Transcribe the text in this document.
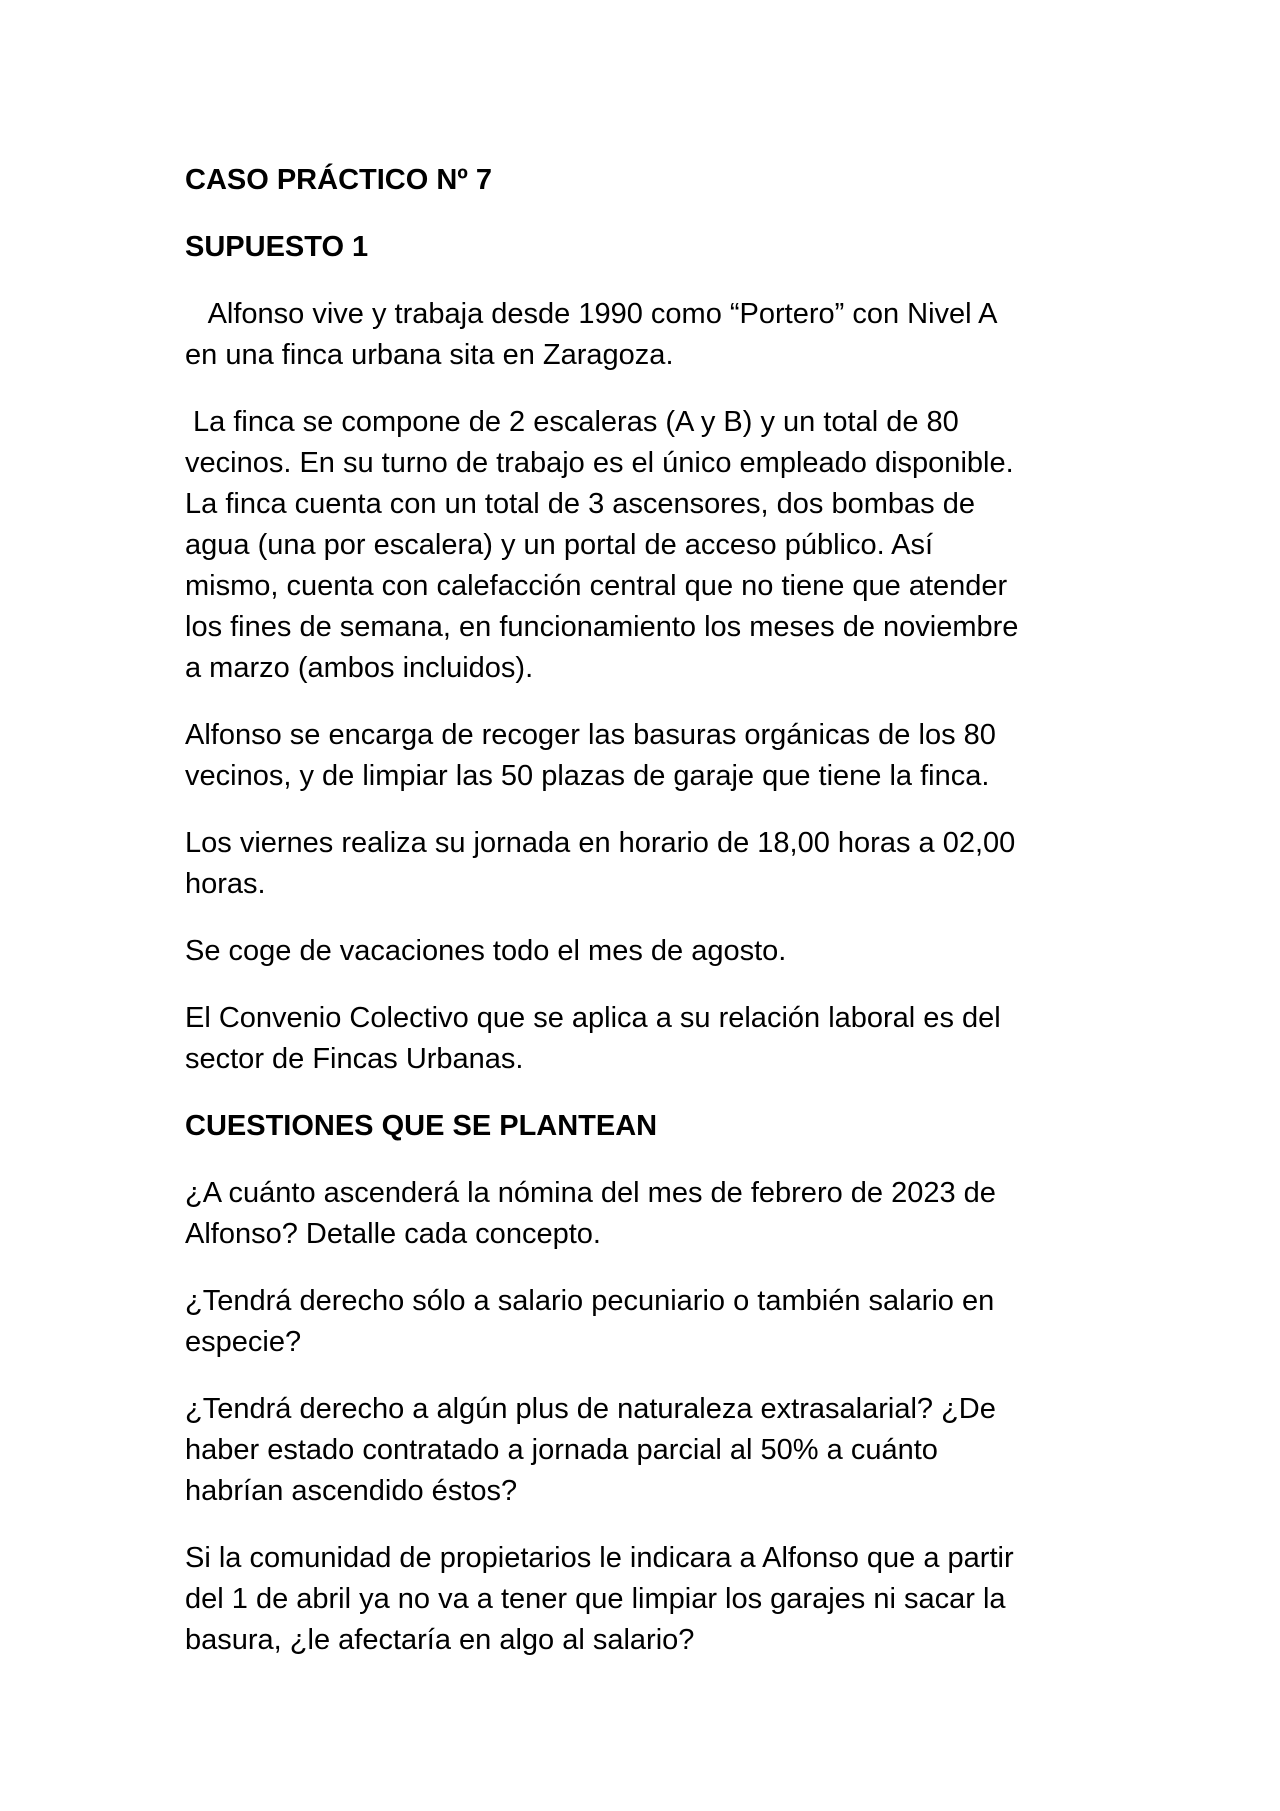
CASO PRÁCTICO Nº 7
SUPUESTO 1
Alfonso vive y trabaja desde 1990 como “Portero” con Nivel A
en una finca urbana sita en Zaragoza.
La finca se compone de 2 escaleras (A y B) y un total de 80
vecinos. En su turno de trabajo es el único empleado disponible.
La finca cuenta con un total de 3 ascensores, dos bombas de
agua (una por escalera) y un portal de acceso público. Así
mismo, cuenta con calefacción central que no tiene que atender
los fines de semana, en funcionamiento los meses de noviembre
a marzo (ambos incluidos).
Alfonso se encarga de recoger las basuras orgánicas de los 80
vecinos, y de limpiar las 50 plazas de garaje que tiene la finca.
Los viernes realiza su jornada en horario de 18,00 horas a 02,00
horas.
Se coge de vacaciones todo el mes de agosto.
El Convenio Colectivo que se aplica a su relación laboral es del
sector de Fincas Urbanas.
CUESTIONES QUE SE PLANTEAN
¿A cuánto ascenderá la nómina del mes de febrero de 2023 de
Alfonso? Detalle cada concepto.
¿Tendrá derecho sólo a salario pecuniario o también salario en
especie?
¿Tendrá derecho a algún plus de naturaleza extrasalarial? ¿De
haber estado contratado a jornada parcial al 50% a cuánto
habrían ascendido éstos?
Si la comunidad de propietarios le indicara a Alfonso que a partir
del 1 de abril ya no va a tener que limpiar los garajes ni sacar la
basura, ¿le afectaría en algo al salario?
